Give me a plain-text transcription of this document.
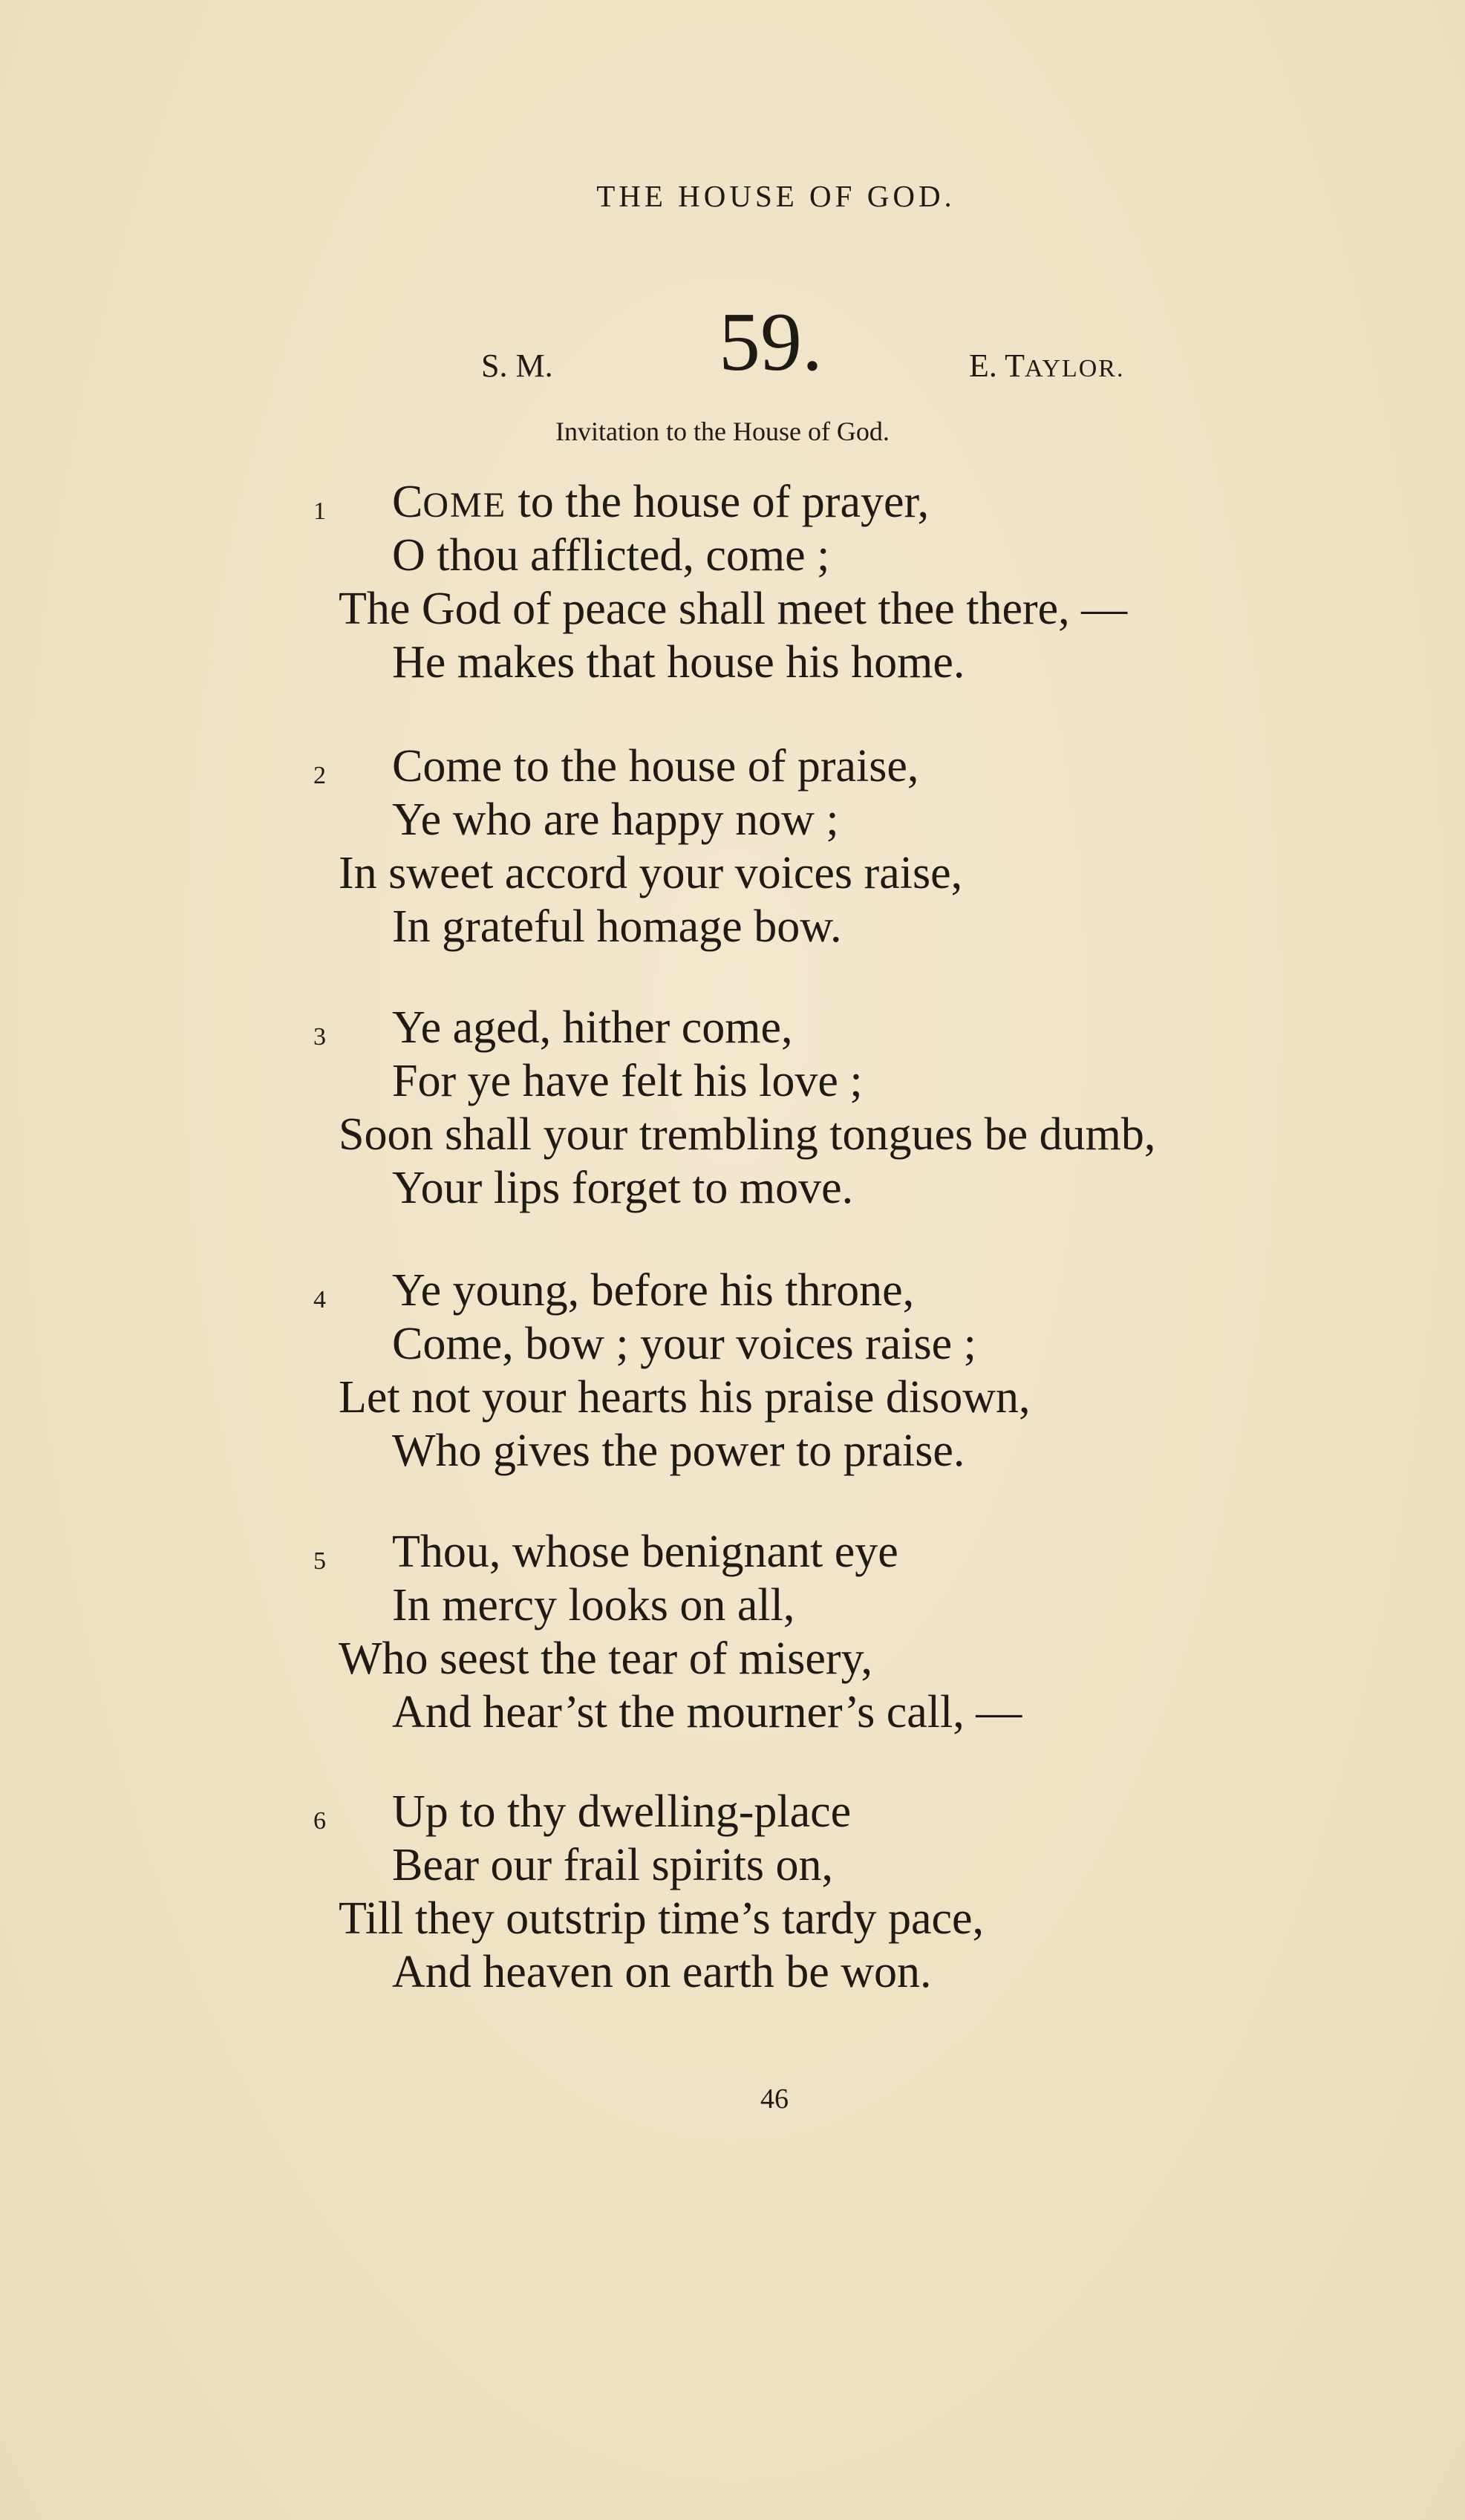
THE HOUSE OF GOD.
S. M. 59.	E. TAYLOR.
Invitation to the House of God.
1 COME to the house of prayer,
O thou afflicted, come ;
The God of peace shall meet thee there, —
He makes that house his home.
2 Come to the house of praise,
Ye who are happy now ;
In sweet accord your voices raise,
In grateful homage bow.
3 Ye aged, hither come,
For ye have felt his love ;
Soon shall your trembling tongues be dumb,
Your lips forget to move.
4 Ye young, before his throne,
Come, bow ; your voices raise ;
Let not your hearts his praise disown,
Who gives the power to praise.
5 Thou, whose benignant eye
In mercy looks on all,
Who seest the tear of misery,
And hear’st the mourner’s call, —
6 Up to thy dwelling-place
Bear our frail spirits on,
Till they outstrip time’s tardy pace,
And heaven on earth be won.
46
